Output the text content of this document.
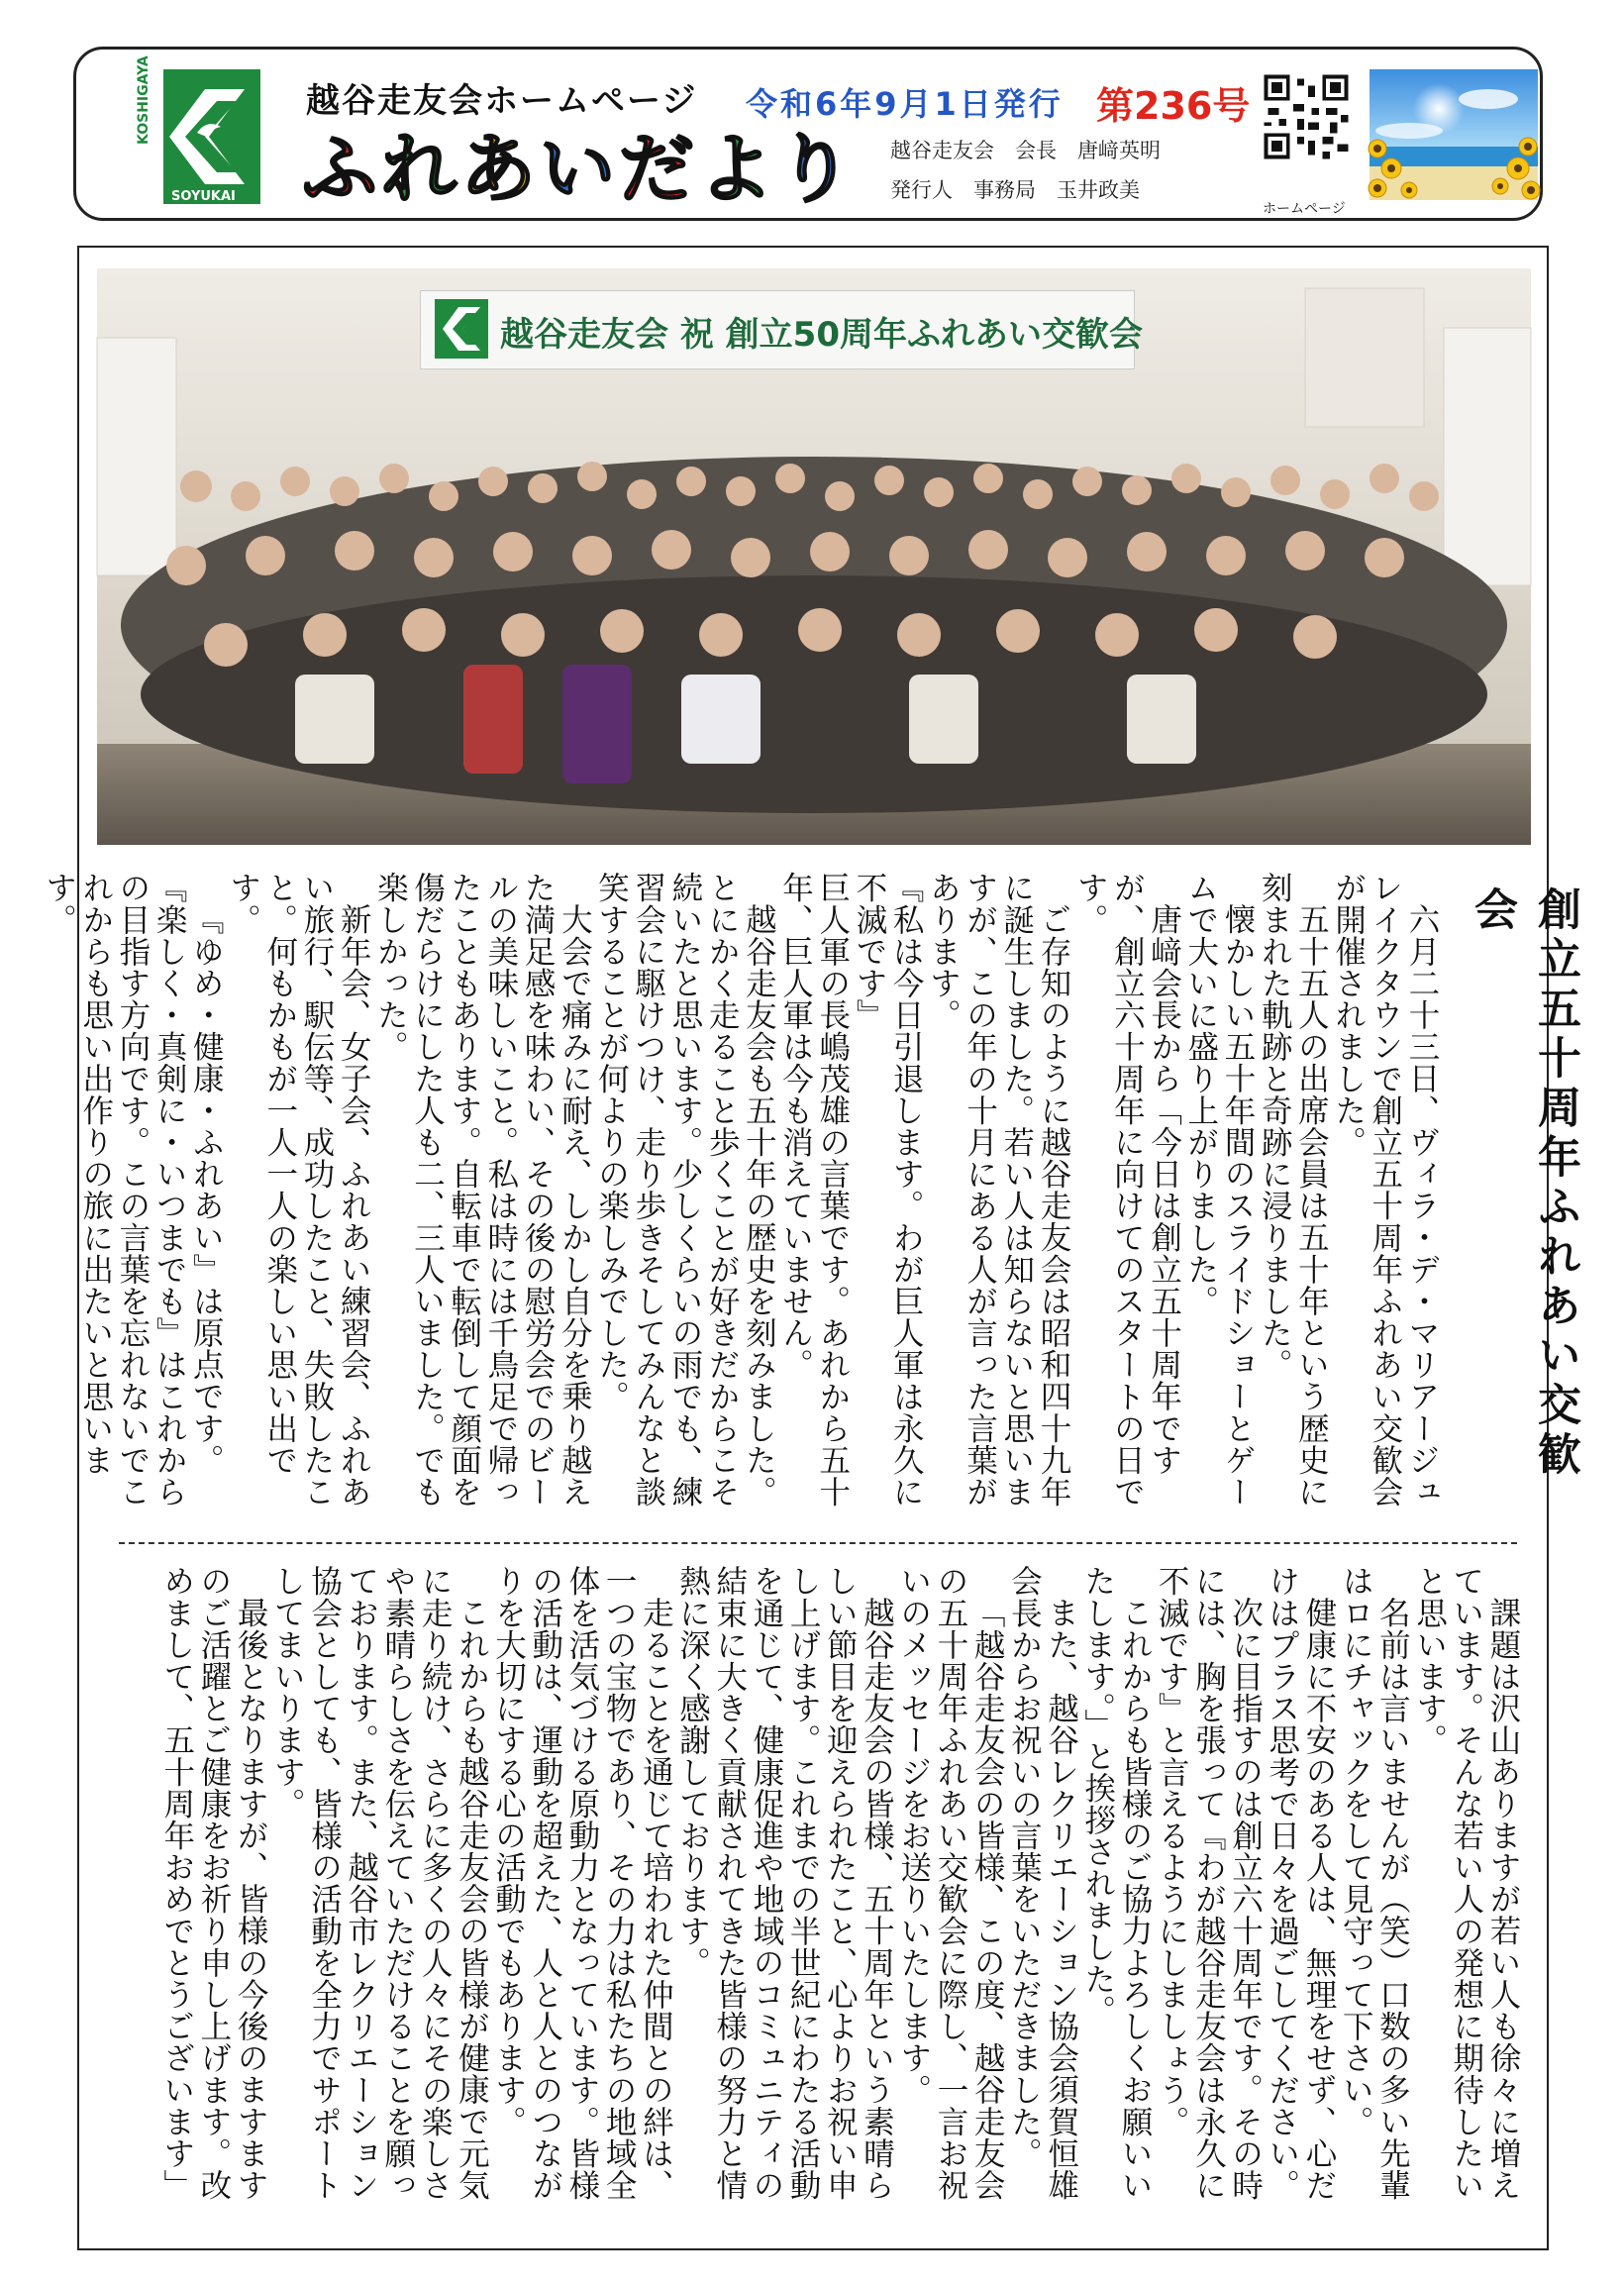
KOSHIGAYA
SOYUKAI
越谷走友会ホームページ
ふれあいだより
令和6年9月1日発行 第236号
越谷走友会　会長　唐﨑英明
発行人　事務局　玉井政美
ホームページ
越谷走友会 祝 創立50周年ふれあい交歓会
創立五十周年ふれあい交歓会

六月二十三日、ヴィラ・デ・マリアージュレイクタウンで創立五十周年ふれあい交歓会が開催されました。

五十五人の出席会員は五十年という歴史に刻まれた軌跡と奇跡に浸りました。

懐かしい五十年間のスライドショーとゲームで大いに盛り上がりました。

唐﨑会長から「今日は創立五十周年ですが、創立六十周年に向けてのスタートの日です。

ご存知のように越谷走友会は昭和四十九年に誕生しました。若い人は知らないと思いますが、この年の十月にある人が言った言葉があります。

『私は今日引退します。わが巨人軍は永久に不滅です』

巨人軍の長嶋茂雄の言葉です。あれから五十年、巨人軍は今も消えていません。

越谷走友会も五十年の歴史を刻みました。とにかく走ること歩くことが好きだからこそ続いたと思います。少しくらいの雨でも、練習会に駆けつけ、走り歩きそしてみんなと談笑することが何よりの楽しみでした。

大会で痛みに耐え、しかし自分を乗り越えた満足感を味わい、その後の慰労会でのビールの美味しいこと。私は時には千鳥足で帰ったこともあります。自転車で転倒して顔面を傷だらけにした人も二、三人いました。でも楽しかった。

新年会、女子会、ふれあい練習会、ふれあい旅行、駅伝等、成功したこと、失敗したこと。何もかもが一人一人の楽しい思い出です。

『ゆめ・健康・ふれあい』は原点です。『楽しく・真剣に・いつまでも』はこれからの目指す方向です。この言葉を忘れないでこれからも思い出作りの旅に出たいと思います。

課題は沢山ありますが若い人も徐々に増えています。そんな若い人の発想に期待したいと思います。

名前は言いませんが（笑）口数の多い先輩はロにチャックをして見守って下さい。

健康に不安のある人は、無理をせず、心だけはプラス思考で日々を過ごしてください。

次に目指すのは創立六十周年です。その時には、胸を張って『わが越谷走友会は永久に不滅です』と言えるようにしましょう。

これからも皆様のご協力よろしくお願いいたします。」と挨拶されました。

また、越谷レクリエーション協会須賀恒雄会長からお祝いの言葉をいただきました。

「越谷走友会の皆様、この度、越谷走友会の五十周年ふれあい交歓会に際し、一言お祝いのメッセージをお送りいたします。

越谷走友会の皆様、五十周年という素晴らしい節目を迎えられたこと、心よりお祝い申し上げます。これまでの半世紀にわたる活動を通じて、健康促進や地域のコミュニティの結束に大きく貢献されてきた皆様の努力と情熱に深く感謝しております。

走ることを通じて培われた仲間との絆は、一つの宝物であり、その力は私たちの地域全体を活気づける原動力となっています。皆様の活動は、運動を超えた、人と人とのつながりを大切にする心の活動でもあります。

これからも越谷走友会の皆様が健康で元気に走り続け、さらに多くの人々にその楽しさや素晴らしさを伝えていただけることを願っております。また、越谷市レクリエーション協会としても、皆様の活動を全力でサポートしてまいります。

最後となりますが、皆様の今後のますますのご活躍とご健康をお祈り申し上げます。改めまして、五十周年おめでとうございます」
